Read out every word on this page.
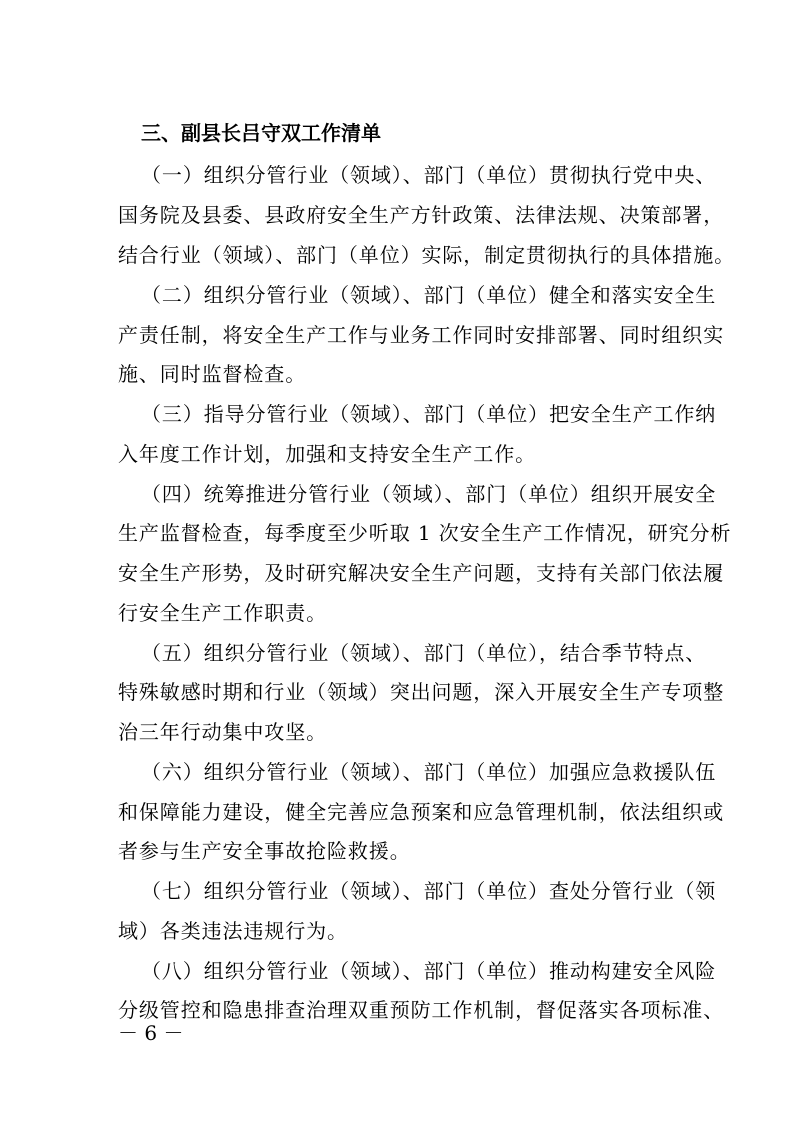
三、副县长吕守双工作清单
（一）组织分管行业（领域）、部门（单位）贯彻执行党中央、
国务院及县委、县政府安全生产方针政策、法律法规、决策部署，
结合行业（领域）、部门（单位）实际，制定贯彻执行的具体措施。
（二）组织分管行业（领域）、部门（单位）健全和落实安全生
产责任制，将安全生产工作与业务工作同时安排部署、同时组织实
施、同时监督检查。
（三）指导分管行业（领域）、部门（单位）把安全生产工作纳
入年度工作计划，加强和支持安全生产工作。
（四）统筹推进分管行业（领域）、部门（单位）组织开展安全
生产监督检查，每季度至少听取 1 次安全生产工作情况，研究分析
安全生产形势，及时研究解决安全生产问题，支持有关部门依法履
行安全生产工作职责。
（五）组织分管行业（领域）、部门（单位），结合季节特点、
特殊敏感时期和行业（领域）突出问题，深入开展安全生产专项整
治三年行动集中攻坚。
（六）组织分管行业（领域）、部门（单位）加强应急救援队伍
和保障能力建设，健全完善应急预案和应急管理机制，依法组织或
者参与生产安全事故抢险救援。
（七）组织分管行业（领域）、部门（单位）查处分管行业（领
域）各类违法违规行为。
（八）组织分管行业（领域）、部门（单位）推动构建安全风险
分级管控和隐患排查治理双重预防工作机制，督促落实各项标准、
－ 6 －
